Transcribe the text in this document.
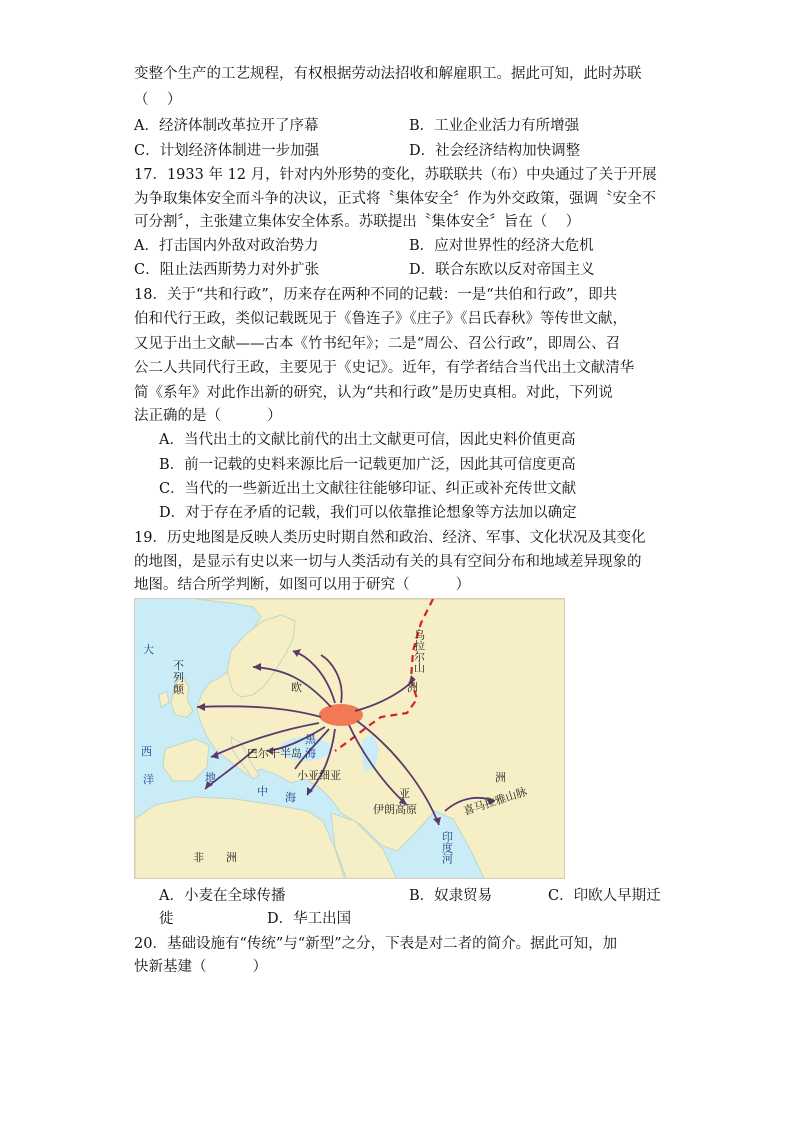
变整个生产的工艺规程，有权根据劳动法招收和解雇职工。据此可知，此时苏联
（    ）
A．经济体制改革拉开了序幕	B．工业企业活力有所增强
C．计划经济体制进一步加强	D．社会经济结构加快调整
17．1933 年 12 月，针对内外形势的变化，苏联联共（布）中央通过了关于开展
为争取集体安全而斗争的决议，正式将〝集体安全〞作为外交政策，强调〝安全不
可分割〞，主张建立集体安全体系。苏联提出〝集体安全〞旨在（    ）
A．打击国内外敌对政治势力	B．应对世界性的经济大危机
C．阻止法西斯势力对外扩张	D．联合东欧以反对帝国主义
18．关于“共和行政”，历来存在两种不同的记载：一是“共伯和行政”，即共
伯和代行王政，类似记载既见于《鲁连子》《庄子》《吕氏春秋》等传世文献，
又见于出土文献——古本《竹书纪年》；二是“周公、召公行政”，即周公、召
公二人共同代行王政，主要见于《史记》。近年，有学者结合当代出土文献清华
简《系年》对此作出新的研究，认为“共和行政”是历史真相。对此，下列说
法正确的是（          ）
A．当代出土的文献比前代的出土文献更可信，因此史料价值更高
B．前一记载的史料来源比后一记载更加广泛，因此其可信度更高
C．当代的一些新近出土文献往往能够印证、纠正或补充传世文献
D．对于存在矛盾的记载，我们可以依靠推论想象等方法加以确定
19．历史地图是反映人类历史时期自然和政治、经济、军事、文化状况及其变化
的地图，是显示有史以来一切与人类活动有关的具有空间分布和地域差异现象的
地图。结合所学判断，如图可以用于研究（          ）
大
西
洋
不
列
颠	欧	洲
巴尔干半岛
黑
海
小亚细亚
地
中 海
非　　洲
亚
洲
伊朗高原	喜马拉雅山脉
乌拉尔山
印度河
A．小麦在全球传播	B．奴隶贸易	C．印欧人早期迁
徙	D．华工出国
20．基础设施有“传统”与“新型”之分，下表是对二者的简介。据此可知，加
快新基建（          ）
